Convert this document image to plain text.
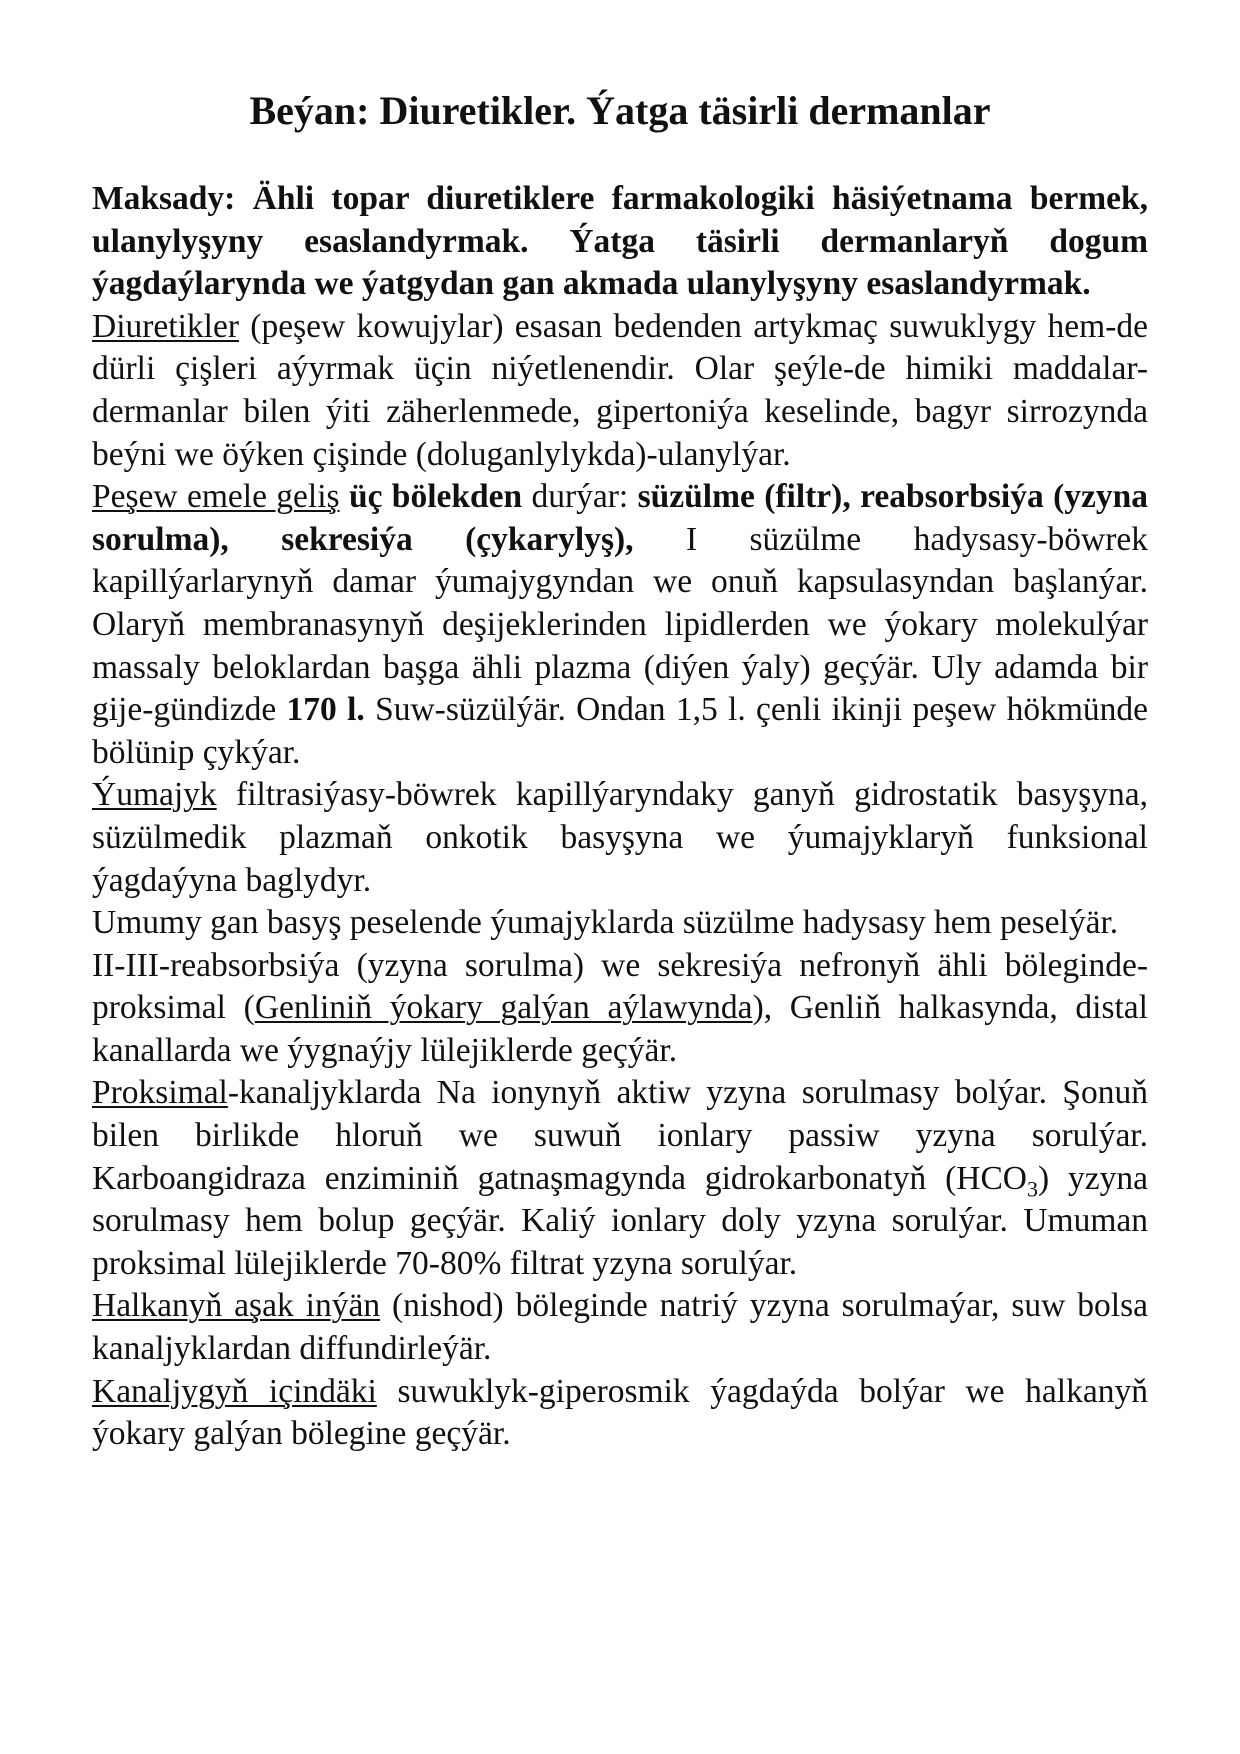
Beýan: Diuretikler. Ýatga täsirli dermanlar

Maksady: Ähli topar diuretiklere farmakologiki häsiýetnama bermek, ulanylyşyny esaslandyrmak. Ýatga täsirli dermanlaryň dogum ýagdaýlarynda we ýatgydan gan akmada ulanylyşyny esaslandyrmak.

Diuretikler (peşew kowujylar) esasan bedenden artykmaç suwuklygy hem-de dürli çişleri aýyrmak üçin niýetlenendir. Olar şeýle-de himiki maddalar-dermanlar bilen ýiti zäherlenmede, gipertoniýa keselinde, bagyr sirrozynda beýni we öýken çişinde (doluganlylykda)-ulanylýar.

Peşew emele geliş üç bölekden durýar: süzülme (filtr), reabsorbsiýa (yzyna sorulma), sekresiýa (çykarylyş), I süzülme hadysasy-böwrek kapillýarlarynyň damar ýumajygyndan we onuň kapsulasyndan başlanýar. Olaryň membranasynyň deşijeklerinden lipidlerden we ýokary molekulýar massaly beloklardan başga ähli plazma (diýen ýaly) geçýär. Uly adamda bir gije-gündizde 170 l. Suw-süzülýär. Ondan 1,5 l. çenli ikinji peşew hökmünde bölünip çykýar.

Ýumajyk filtrasiýasy-böwrek kapillýaryndaky ganyň gidrostatik basyşyna, süzülmedik plazmaň onkotik basyşyna we ýumajyklaryň funksional ýagdaýyna baglydyr.

Umumy gan basyş peselende ýumajyklarda süzülme hadysasy hem peselýär.

II-III-reabsorbsiýa (yzyna sorulma) we sekresiýa nefronyň ähli böleginde-proksimal (Genliniň ýokary galýan aýlawynda), Genliň halkasynda, distal kanallarda we ýygnaýjy lülejiklerde geçýär.

Proksimal-kanaljyklarda Na ionynyň aktiw yzyna sorulmasy bolýar. Şonuň bilen birlikde hloruň we suwuň ionlary passiw yzyna sorulýar. Karboangidraza enziminiň gatnaşmagynda gidrokarbonatyň $(HCO_3)$ yzyna sorulmasy hem bolup geçýär. Kaliý ionlary doly yzyna sorulýar. Umuman proksimal lülejiklerde 70-80% filtrat yzyna sorulýar.

Halkanyň aşak inýän (nishod) böleginde natriý yzyna sorulmaýar, suw bolsa kanaljyklardan diffundirleýär.

Kanaljygyň içindäki suwuklyk-giperosmik ýagdaýda bolýar we halkanyň ýokary galýan bölegine geçýär.
